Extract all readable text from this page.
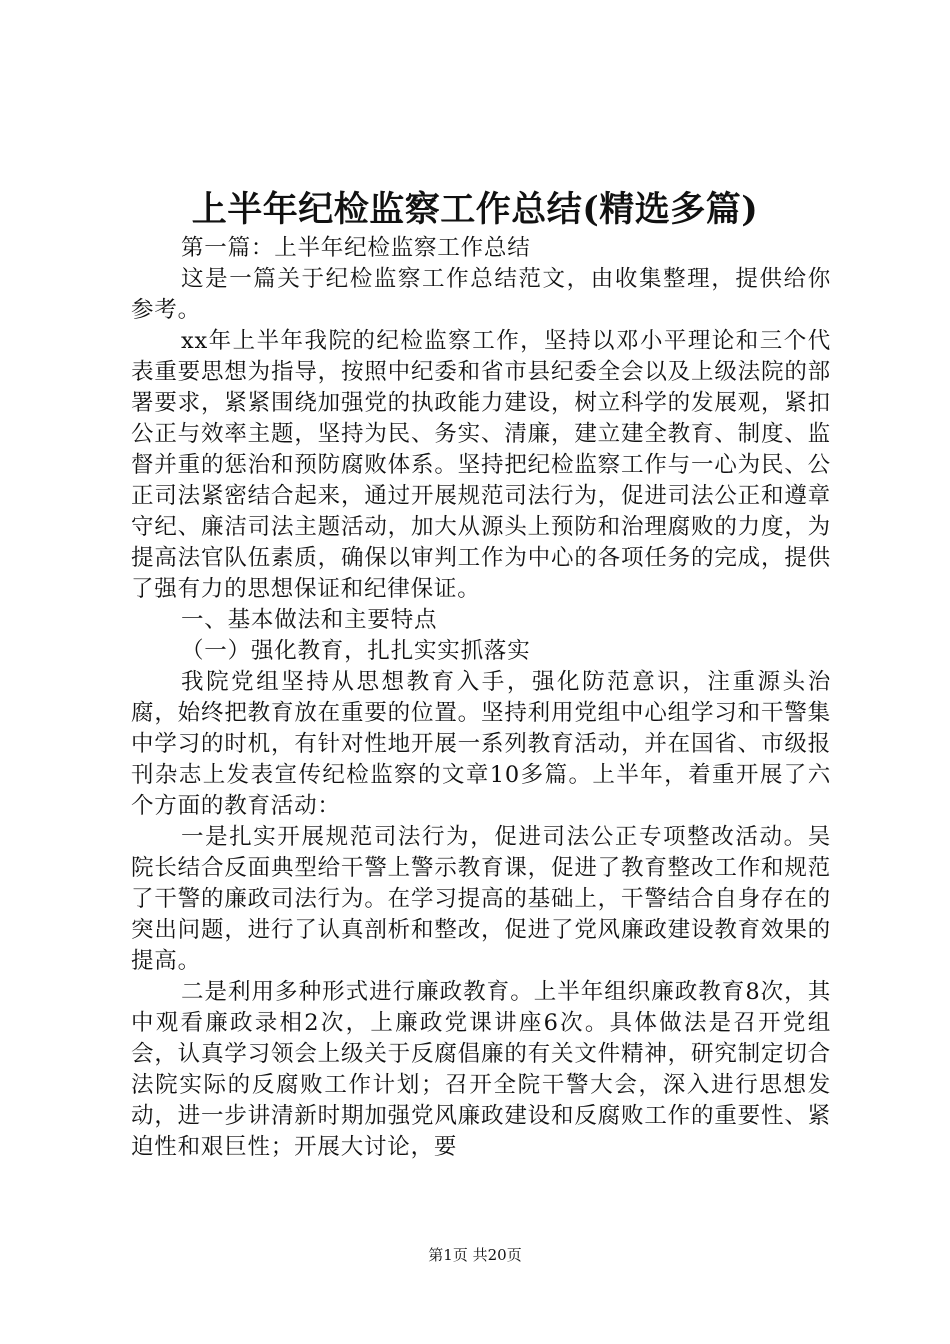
上半年纪检监察工作总结(精选多篇)

第一篇：上半年纪检监察工作总结

这是一篇关于纪检监察工作总结范文，由收集整理，提供给你参考。

xx年上半年我院的纪检监察工作，坚持以邓小平理论和三个代表重要思想为指导，按照中纪委和省市县纪委全会以及上级法院的部署要求，紧紧围绕加强党的执政能力建设，树立科学的发展观，紧扣公正与效率主题，坚持为民、务实、清廉，建立建全教育、制度、监督并重的惩治和预防腐败体系。坚持把纪检监察工作与一心为民、公正司法紧密结合起来，通过开展规范司法行为，促进司法公正和遵章守纪、廉洁司法主题活动，加大从源头上预防和治理腐败的力度，为提高法官队伍素质，确保以审判工作为中心的各项任务的完成，提供了强有力的思想保证和纪律保证。

一、基本做法和主要特点

（一）强化教育，扎扎实实抓落实

我院党组坚持从思想教育入手，强化防范意识，注重源头治腐，始终把教育放在重要的位置。坚持利用党组中心组学习和干警集中学习的时机，有针对性地开展一系列教育活动，并在国省、市级报刊杂志上发表宣传纪检监察的文章10多篇。上半年，着重开展了六个方面的教育活动：

一是扎实开展规范司法行为，促进司法公正专项整改活动。吴院长结合反面典型给干警上警示教育课，促进了教育整改工作和规范了干警的廉政司法行为。在学习提高的基础上，干警结合自身存在的突出问题，进行了认真剖析和整改，促进了党风廉政建设教育效果的提高。

二是利用多种形式进行廉政教育。上半年组织廉政教育8次，其中观看廉政录相2次，上廉政党课讲座6次。具体做法是召开党组会，认真学习领会上级关于反腐倡廉的有关文件精神，研究制定切合法院实际的反腐败工作计划；召开全院干警大会，深入进行思想发动，进一步讲清新时期加强党风廉政建设和反腐败工作的重要性、紧迫性和艰巨性；开展大讨论，要

第1页 共20页
